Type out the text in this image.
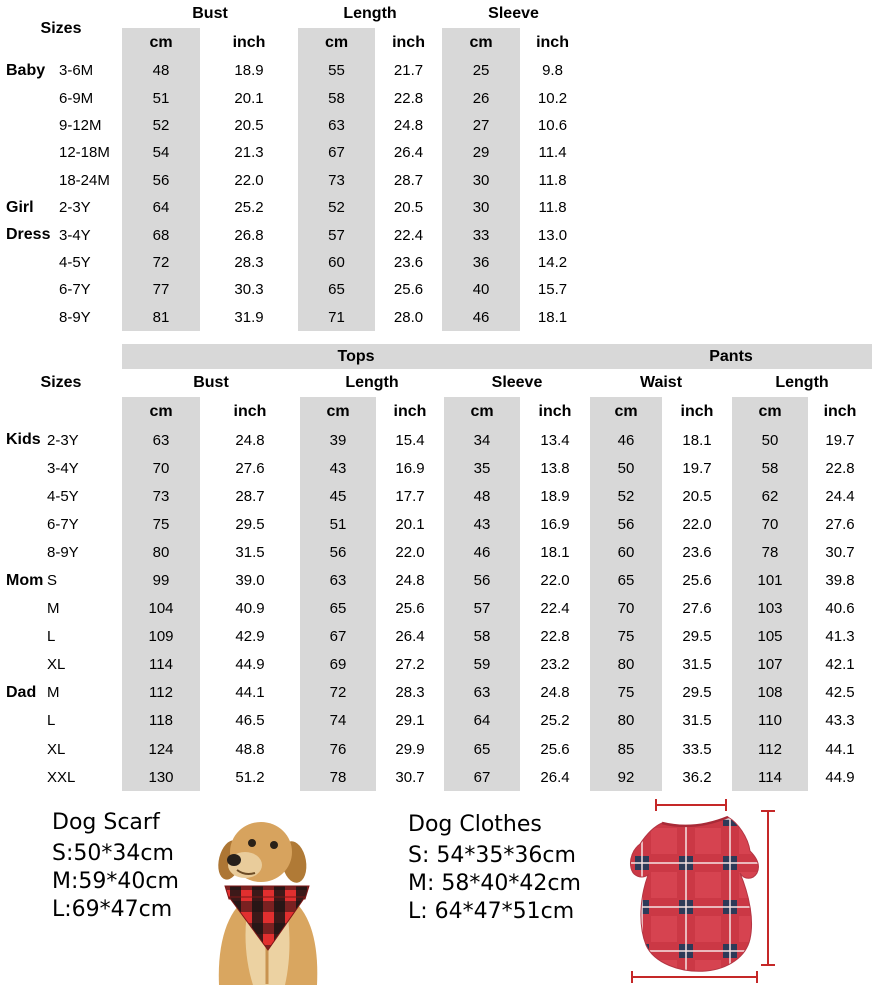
Sizes		Bust		Length		Sleeve	
		cm	inch	cm	inch	cm	inch
Baby	3-6M	48	18.9	55	21.7	25	9.8
	6-9M	51	20.1	58	22.8	26	10.2
	9-12M	52	20.5	63	24.8	27	10.6
	12-18M	54	21.3	67	26.4	29	11.4
	18-24M	56	22.0	73	28.7	30	11.8
Girl	2-3Y	64	25.2	52	20.5	30	11.8
Dress	3-4Y	68	26.8	57	22.4	33	13.0
	4-5Y	72	28.3	60	23.6	36	14.2
	6-7Y	77	30.3	65	25.6	40	15.7
	8-9Y	81	31.9	71	28.0	46	18.1
		Tops						Pants			
Sizes		Bust		Length		Sleeve		Waist		Length	
		cm	inch	cm	inch	cm	inch	cm	inch	cm	inch
Kids	2-3Y	63	24.8	39	15.4	34	13.4	46	18.1	50	19.7
	3-4Y	70	27.6	43	16.9	35	13.8	50	19.7	58	22.8
	4-5Y	73	28.7	45	17.7	48	18.9	52	20.5	62	24.4
	6-7Y	75	29.5	51	20.1	43	16.9	56	22.0	70	27.6
	8-9Y	80	31.5	56	22.0	46	18.1	60	23.6	78	30.7
Mom	S	99	39.0	63	24.8	56	22.0	65	25.6	101	39.8
	M	104	40.9	65	25.6	57	22.4	70	27.6	103	40.6
	L	109	42.9	67	26.4	58	22.8	75	29.5	105	41.3
	XL	114	44.9	69	27.2	59	23.2	80	31.5	107	42.1
Dad	M	112	44.1	72	28.3	63	24.8	75	29.5	108	42.5
	L	118	46.5	74	29.1	64	25.2	80	31.5	110	43.3
	XL	124	48.8	76	29.9	65	25.6	85	33.5	112	44.1
	XXL	130	51.2	78	30.7	67	26.4	92	36.2	114	44.9
Dog Scarf
S:50*34cm
M:59*40cm
L:69*47cm
Dog Clothes
S: 54*35*36cm
M: 58*40*42cm
L: 64*47*51cm
